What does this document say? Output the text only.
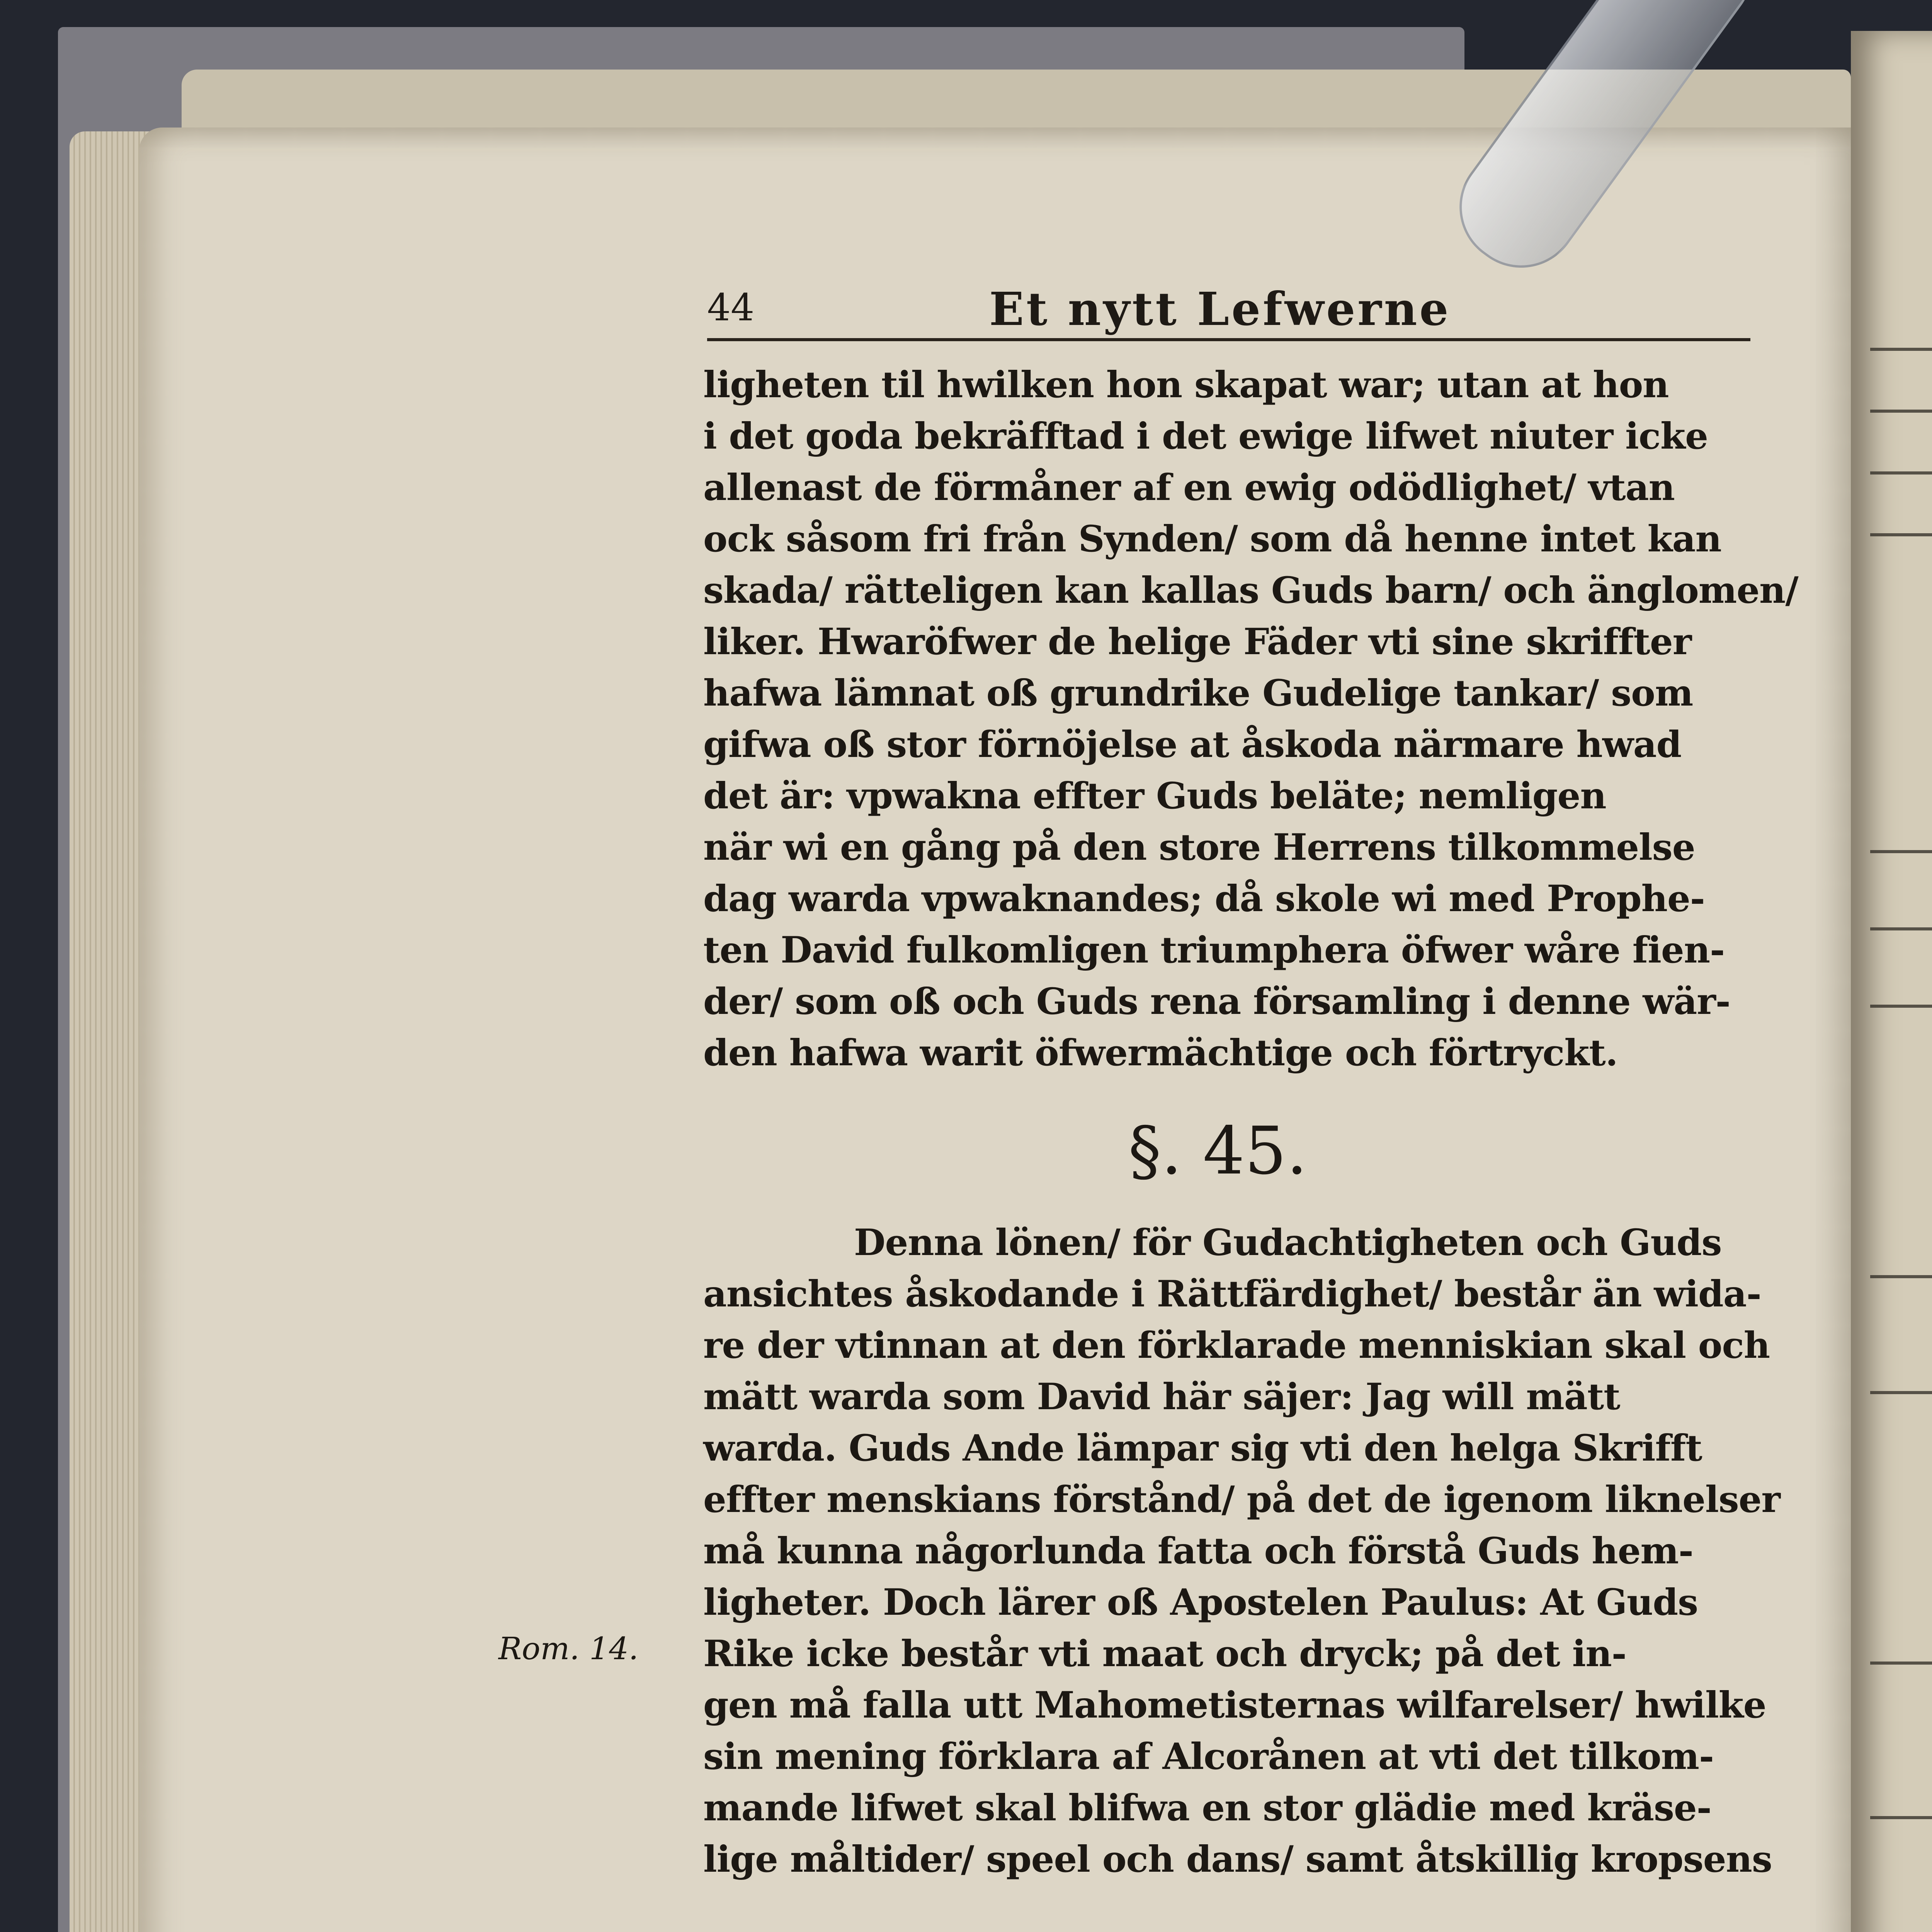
44	Et nytt Lefwerne
ligheten til hwilken hon skapat war; utan at hon
i det goda bekräfftad i det ewige lifwet niuter icke
allenast de förmåner af en ewig odödlighet/ vtan
ock såsom fri från Synden/ som då henne intet kan
skada/ rätteligen kan kallas Guds barn/ och änglomen/
liker. Hwaröfwer de helige Fäder vti sine skriffter
hafwa lämnat oß grundrike Gudelige tankar/ som
gifwa oß stor förnöjelse at åskoda närmare hwad
det är: vpwakna effter Guds beläte; nemligen
när wi en gång på den store Herrens tilkommelse
dag warda vpwaknandes; då skole wi med Prophe-
ten David fulkomligen triumphera öfwer wåre fien-
der/ som oß och Guds rena församling i denne wär-
den hafwa warit öfwermächtige och förtryckt.
§. 45.
Denna lönen/ för Gudachtigheten och Guds
ansichtes åskodande i Rättfärdighet/ består än wida-
re der vtinnan at den förklarade menniskian skal och
mätt warda som David här säjer: Jag will mätt
warda. Guds Ande lämpar sig vti den helga Skrifft
effter menskians förstånd/ på det de igenom liknelser
må kunna någorlunda fatta och förstå Guds hem-
ligheter. Doch lärer oß Apostelen Paulus: At Guds
Rike icke består vti maat och dryck; på det in-
gen må falla utt Mahometisternas wilfarelser/ hwilke
sin mening förklara af Alcorånen at vti det tilkom-
mande lifwet skal blifwa en stor glädie med kräse-
lige måltider/ speel och dans/ samt åtskillig kropsens
Rom. 14.
